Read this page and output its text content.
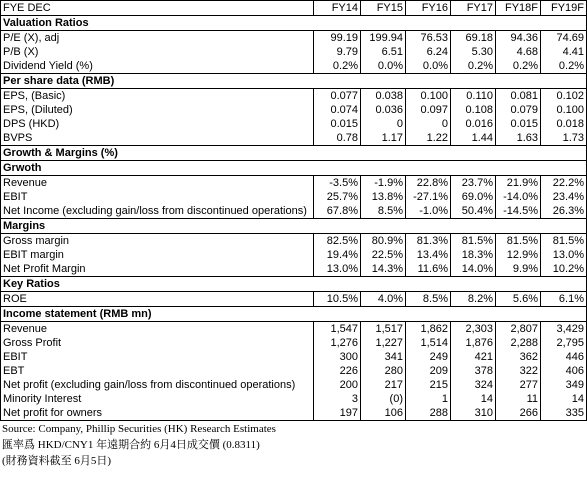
FYE DEC	FY14	FY15	FY16	FY17	FY18F	FY19F
Valuation Ratios						
P/E (X), adj	99.19	199.94	76.53	69.18	94.36	74.69
P/B (X)	9.79	6.51	6.24	5.30	4.68	4.41
Dividend Yield (%)	0.2%	0.0%	0.0%	0.2%	0.2%	0.2%
Per share data (RMB)						
EPS, (Basic)	0.077	0.038	0.100	0.110	0.081	0.102
EPS, (Diluted)	0.074	0.036	0.097	0.108	0.079	0.100
DPS (HKD)	0.015	0	0	0.016	0.015	0.018
BVPS	0.78	1.17	1.22	1.44	1.63	1.73
Growth & Margins (%)						
Grwoth						
Revenue	-3.5%	-1.9%	22.8%	23.7%	21.9%	22.2%
EBIT	25.7%	13.8%	-27.1%	69.0%	-14.0%	23.4%
Net Income (excluding gain/loss from discontinued operations)	67.8%	8.5%	-1.0%	50.4%	-14.5%	26.3%
Margins						
Gross margin	82.5%	80.9%	81.3%	81.5%	81.5%	81.5%
EBIT margin	19.4%	22.5%	13.4%	18.3%	12.9%	13.0%
Net Profit Margin	13.0%	14.3%	11.6%	14.0%	9.9%	10.2%
Key Ratios						
ROE	10.5%	4.0%	8.5%	8.2%	5.6%	6.1%
Income statement (RMB mn)						
Revenue	1,547	1,517	1,862	2,303	2,807	3,429
Gross Profit	1,276	1,227	1,514	1,876	2,288	2,795
EBIT	300	341	249	421	362	446
EBT	226	280	209	378	322	406
Net profit (excluding gain/loss from discontinued operations)	200	217	215	324	277	349
Minority Interest	3	(0)	1	14	11	14
Net profit for owners	197	106	288	310	266	335
Source: Company, Phillip Securities (HK) Research Estimates
匯率爲 HKD/CNY1 年遠期合約 6月4日成交價 (0.8311)
(財務資料截至 6月5日)
